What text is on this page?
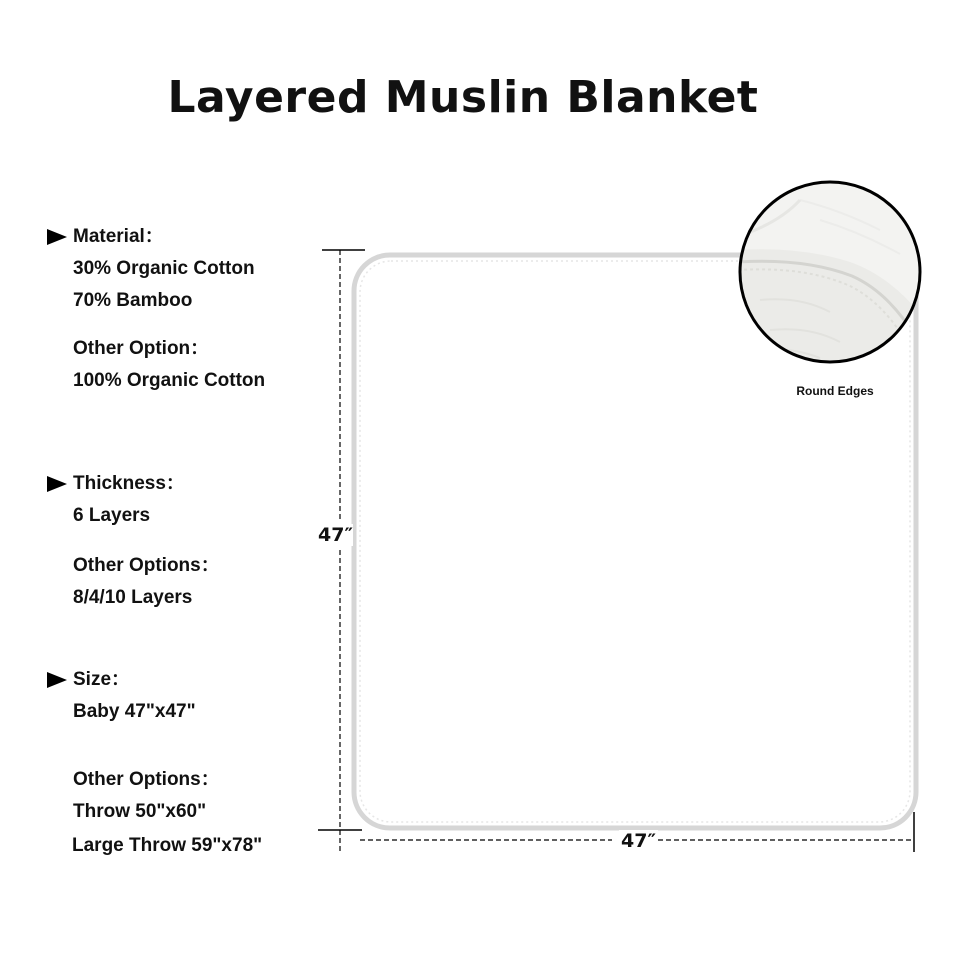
Layered Muslin Blanket
Material：
30% Organic Cotton
70% Bamboo
Other Option：
100% Organic Cotton
Thickness：
6 Layers
Other Options：
8/4/10 Layers
Size：
Baby 47"x47"
Other Options：
Throw 50"x60"
Large Throw 59"x78"
47″
47″
Round Edges
